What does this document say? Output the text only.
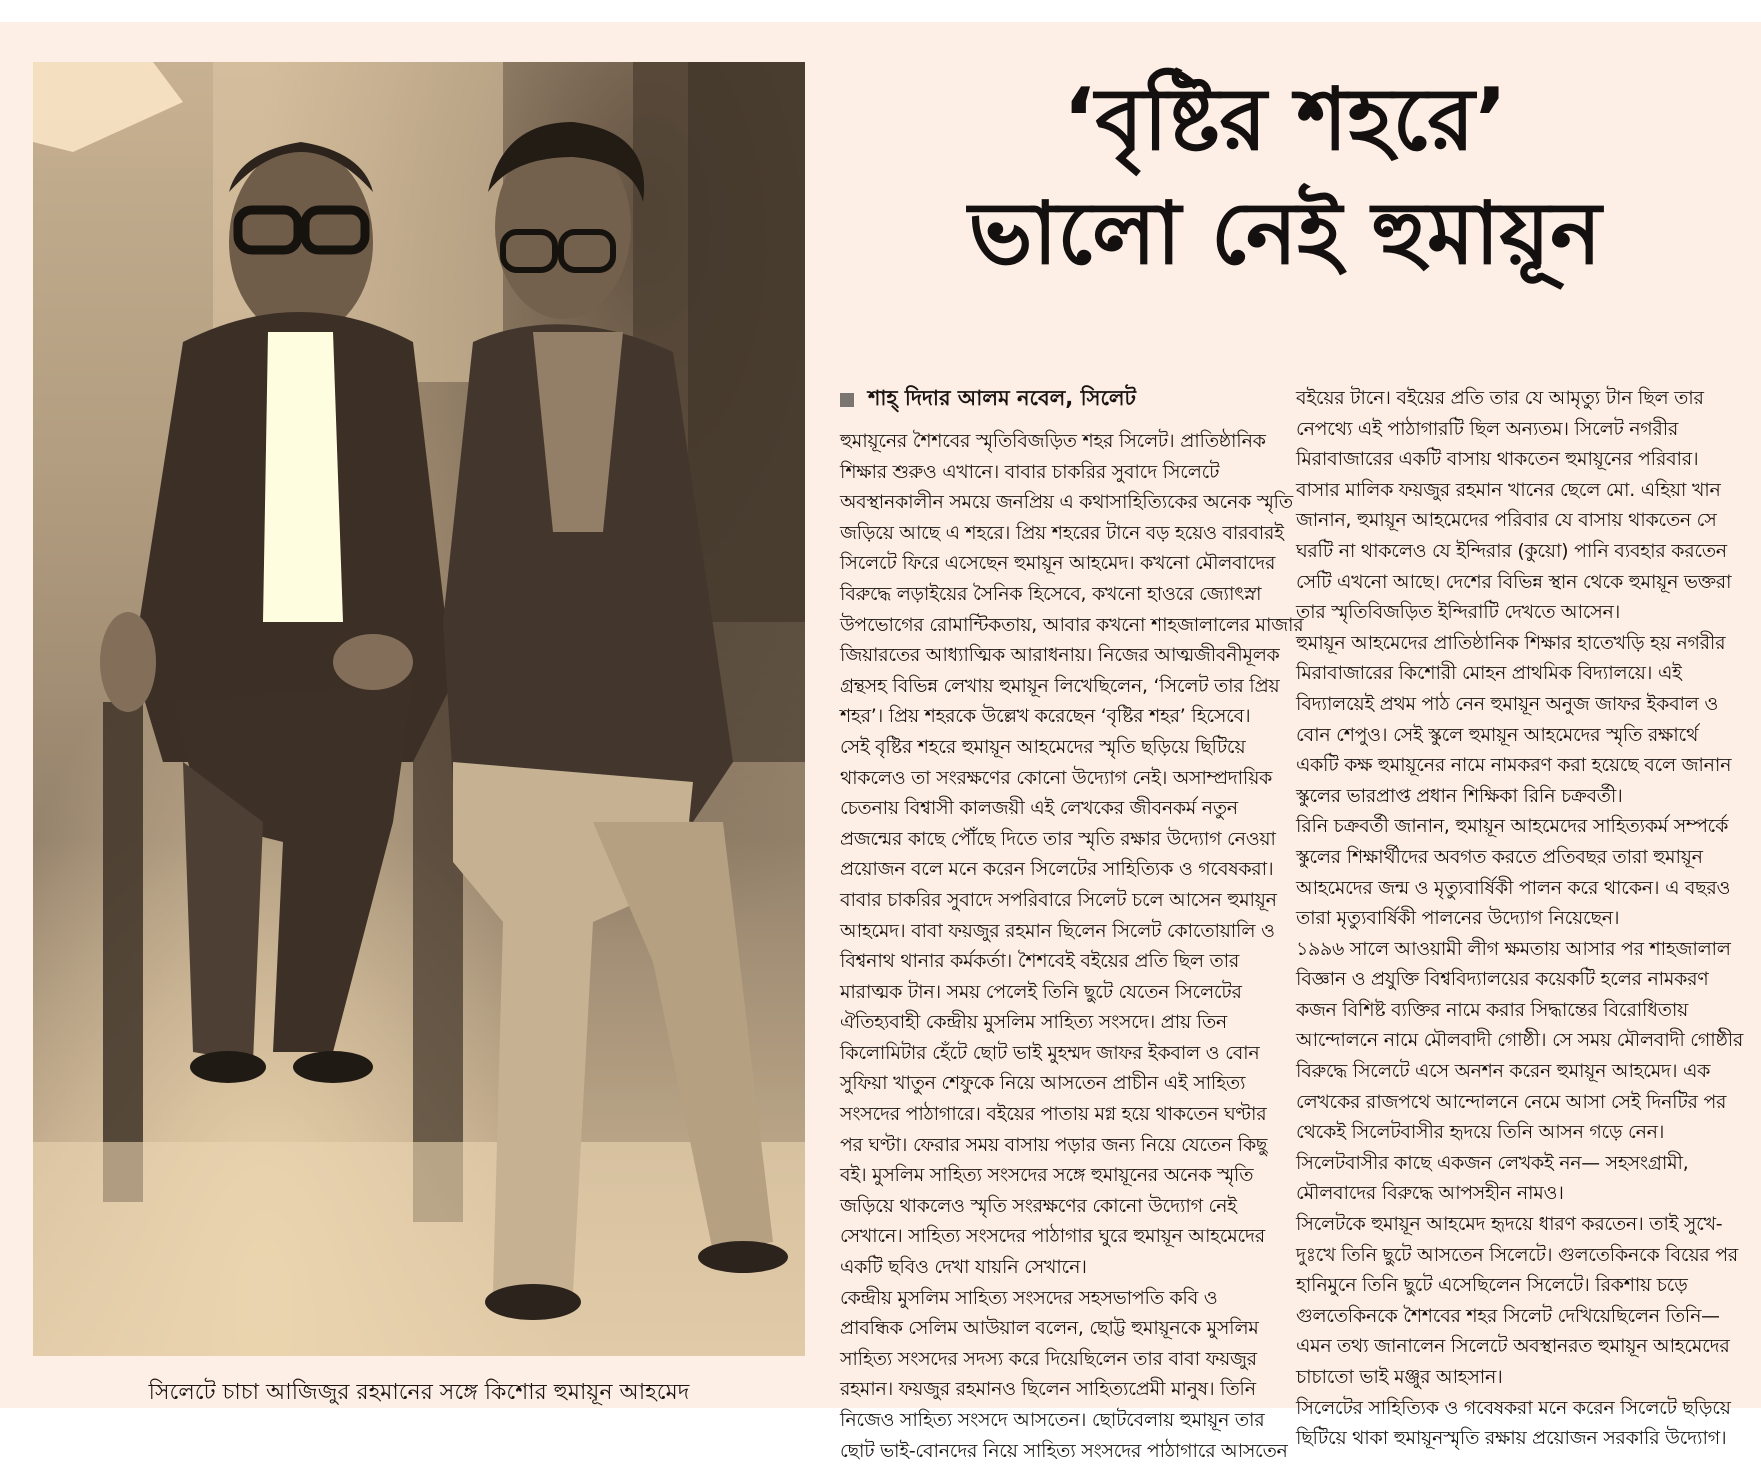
সিলেটে চাচা আজিজুর রহমানের সঙ্গে কিশোর হুমায়ূন আহমেদ
‘বৃষ্টির শহরে’
ভালো নেই হুমায়ূন
শাহ্ দিদার আলম নবেল, সিলেট

হুমায়ূনের শৈশবের স্মৃতিবিজড়িত শহর সিলেট। প্রাতিষ্ঠানিক

শিক্ষার শুরুও এখানে। বাবার চাকরির সুবাদে সিলেটে

অবস্থানকালীন সময়ে জনপ্রিয় এ কথাসাহিত্যিকের অনেক স্মৃতি

জড়িয়ে আছে এ শহরে। প্রিয় শহরের টানে বড় হয়েও বারবারই

সিলেটে ফিরে এসেছেন হুমায়ূন আহমেদ। কখনো মৌলবাদের

বিরুদ্ধে লড়াইয়ের সৈনিক হিসেবে, কখনো হাওরে জ্যোৎস্না

উপভোগের রোমান্টিকতায়, আবার কখনো শাহজালালের মাজার

জিয়ারতের আধ্যাত্মিক আরাধনায়। নিজের আত্মজীবনীমূলক

গ্রন্থসহ বিভিন্ন লেখায় হুমায়ূন লিখেছিলেন, ‘সিলেট তার প্রিয়

শহর’। প্রিয় শহরকে উল্লেখ করেছেন ‘বৃষ্টির শহর’ হিসেবে।

সেই বৃষ্টির শহরে হুমায়ূন আহমেদের স্মৃতি ছড়িয়ে ছিটিয়ে

থাকলেও তা সংরক্ষণের কোনো উদ্যোগ নেই। অসাম্প্রদায়িক

চেতনায় বিশ্বাসী কালজয়ী এই লেখকের জীবনকর্ম নতুন

প্রজন্মের কাছে পৌঁছে দিতে তার স্মৃতি রক্ষার উদ্যোগ নেওয়া

প্রয়োজন বলে মনে করেন সিলেটের সাহিত্যিক ও গবেষকরা।

বাবার চাকরির সুবাদে সপরিবারে সিলেট চলে আসেন হুমায়ূন

আহমেদ। বাবা ফয়জুর রহমান ছিলেন সিলেট কোতোয়ালি ও

বিশ্বনাথ থানার কর্মকর্তা। শৈশবেই বইয়ের প্রতি ছিল তার

মারাত্মক টান। সময় পেলেই তিনি ছুটে যেতেন সিলেটের

ঐতিহ্যবাহী কেন্দ্রীয় মুসলিম সাহিত্য সংসদে। প্রায় তিন

কিলোমিটার হেঁটে ছোট ভাই মুহম্মদ জাফর ইকবাল ও বোন

সুফিয়া খাতুন শেফুকে নিয়ে আসতেন প্রাচীন এই সাহিত্য

সংসদের পাঠাগারে। বইয়ের পাতায় মগ্ন হয়ে থাকতেন ঘণ্টার

পর ঘণ্টা। ফেরার সময় বাসায় পড়ার জন্য নিয়ে যেতেন কিছু

বই। মুসলিম সাহিত্য সংসদের সঙ্গে হুমায়ূনের অনেক স্মৃতি

জড়িয়ে থাকলেও স্মৃতি সংরক্ষণের কোনো উদ্যোগ নেই

সেখানে। সাহিত্য সংসদের পাঠাগার ঘুরে হুমায়ূন আহমেদের

একটি ছবিও দেখা যায়নি সেখানে।

কেন্দ্রীয় মুসলিম সাহিত্য সংসদের সহসভাপতি কবি ও

প্রাবন্ধিক সেলিম আউয়াল বলেন, ছোট্ট হুমায়ূনকে মুসলিম

সাহিত্য সংসদের সদস্য করে দিয়েছিলেন তার বাবা ফয়জুর

রহমান। ফয়জুর রহমানও ছিলেন সাহিত্যপ্রেমী মানুষ। তিনি

নিজেও সাহিত্য সংসদে আসতেন। ছোটবেলায় হুমায়ূন তার

ছোট ভাই-বোনদের নিয়ে সাহিত্য সংসদের পাঠাগারে আসতেন

বইয়ের টানে। বইয়ের প্রতি তার যে আমৃত্যু টান ছিল তার

নেপথ্যে এই পাঠাগারটি ছিল অন্যতম। সিলেট নগরীর

মিরাবাজারের একটি বাসায় থাকতেন হুমায়ূনের পরিবার।

বাসার মালিক ফয়জুর রহমান খানের ছেলে মো. এহিয়া খান

জানান, হুমায়ূন আহমেদের পরিবার যে বাসায় থাকতেন সে

ঘরটি না থাকলেও যে ইন্দিরার (কুয়ো) পানি ব্যবহার করতেন

সেটি এখনো আছে। দেশের বিভিন্ন স্থান থেকে হুমায়ূন ভক্তরা

তার স্মৃতিবিজড়িত ইন্দিরাটি দেখতে আসেন।

হুমায়ূন আহমেদের প্রাতিষ্ঠানিক শিক্ষার হাতেখড়ি হয় নগরীর

মিরাবাজারের কিশোরী মোহন প্রাথমিক বিদ্যালয়ে। এই

বিদ্যালয়েই প্রথম পাঠ নেন হুমায়ূন অনুজ জাফর ইকবাল ও

বোন শেপুও। সেই স্কুলে হুমায়ূন আহমেদের স্মৃতি রক্ষার্থে

একটি কক্ষ হুমায়ূনের নামে নামকরণ করা হয়েছে বলে জানান

স্কুলের ভারপ্রাপ্ত প্রধান শিক্ষিকা রিনি চক্রবর্তী।

রিনি চক্রবর্তী জানান, হুমায়ূন আহমেদের সাহিত্যকর্ম সম্পর্কে

স্কুলের শিক্ষার্থীদের অবগত করতে প্রতিবছর তারা হুমায়ূন

আহমেদের জন্ম ও মৃত্যুবার্ষিকী পালন করে থাকেন। এ বছরও

তারা মৃত্যুবার্ষিকী পালনের উদ্যোগ নিয়েছেন।

১৯৯৬ সালে আওয়ামী লীগ ক্ষমতায় আসার পর শাহজালাল

বিজ্ঞান ও প্রযুক্তি বিশ্ববিদ্যালয়ের কয়েকটি হলের নামকরণ

কজন বিশিষ্ট ব্যক্তির নামে করার সিদ্ধান্তের বিরোধিতায়

আন্দোলনে নামে মৌলবাদী গোষ্ঠী। সে সময় মৌলবাদী গোষ্ঠীর

বিরুদ্ধে সিলেটে এসে অনশন করেন হুমায়ূন আহমেদ। এক

লেখকের রাজপথে আন্দোলনে নেমে আসা সেই দিনটির পর

থেকেই সিলেটবাসীর হৃদয়ে তিনি আসন গড়ে নেন।

সিলেটবাসীর কাছে একজন লেখকই নন— সহসংগ্রামী,

মৌলবাদের বিরুদ্ধে আপসহীন নামও।

সিলেটকে হুমায়ূন আহমেদ হৃদয়ে ধারণ করতেন। তাই সুখে-

দুঃখে তিনি ছুটে আসতেন সিলেটে। গুলতেকিনকে বিয়ের পর

হানিমুনে তিনি ছুটে এসেছিলেন সিলেটে। রিকশায় চড়ে

গুলতেকিনকে শৈশবের শহর সিলেট দেখিয়েছিলেন তিনি—

এমন তথ্য জানালেন সিলেটে অবস্থানরত হুমায়ূন আহমেদের

চাচাতো ভাই মঞ্জুর আহসান।

সিলেটের সাহিত্যিক ও গবেষকরা মনে করেন সিলেটে ছড়িয়ে

ছিটিয়ে থাকা হুমায়ূনস্মৃতি রক্ষায় প্রয়োজন সরকারি উদ্যোগ।
